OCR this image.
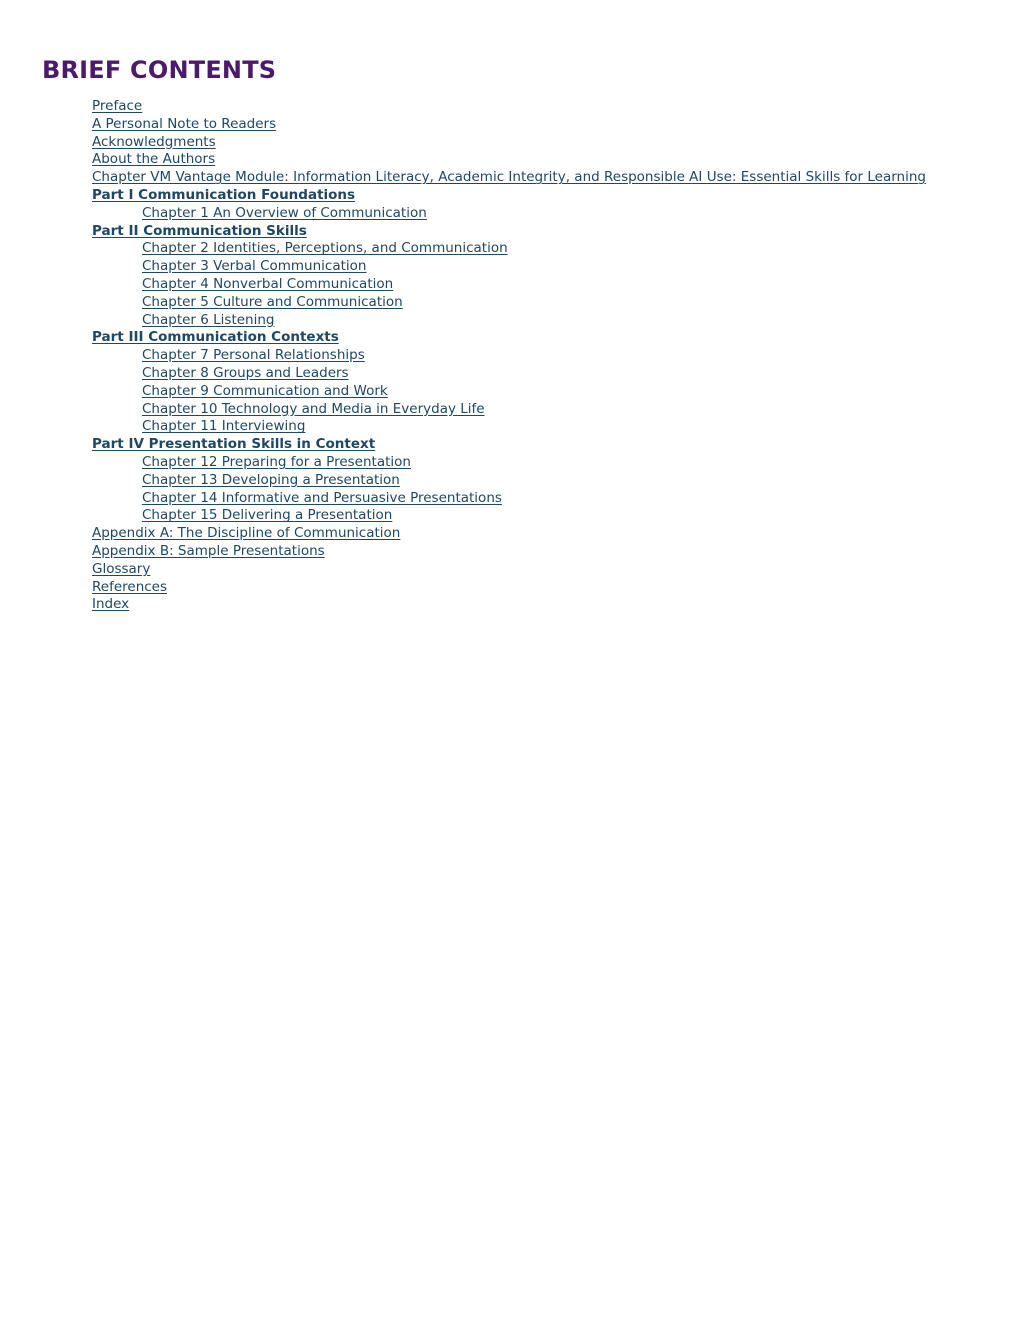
BRIEF CONTENTS
Preface
A Personal Note to Readers
Acknowledgments
About the Authors
Chapter VM Vantage Module: Information Literacy, Academic Integrity, and Responsible AI Use: Essential Skills for Learning
Part I Communication Foundations
Chapter 1 An Overview of Communication
Part II Communication Skills
Chapter 2 Identities, Perceptions, and Communication
Chapter 3 Verbal Communication
Chapter 4 Nonverbal Communication
Chapter 5 Culture and Communication
Chapter 6 Listening
Part III Communication Contexts
Chapter 7 Personal Relationships
Chapter 8 Groups and Leaders
Chapter 9 Communication and Work
Chapter 10 Technology and Media in Everyday Life
Chapter 11 Interviewing
Part IV Presentation Skills in Context
Chapter 12 Preparing for a Presentation
Chapter 13 Developing a Presentation
Chapter 14 Informative and Persuasive Presentations
Chapter 15 Delivering a Presentation
Appendix A: The Discipline of Communication
Appendix B: Sample Presentations
Glossary
References
Index
